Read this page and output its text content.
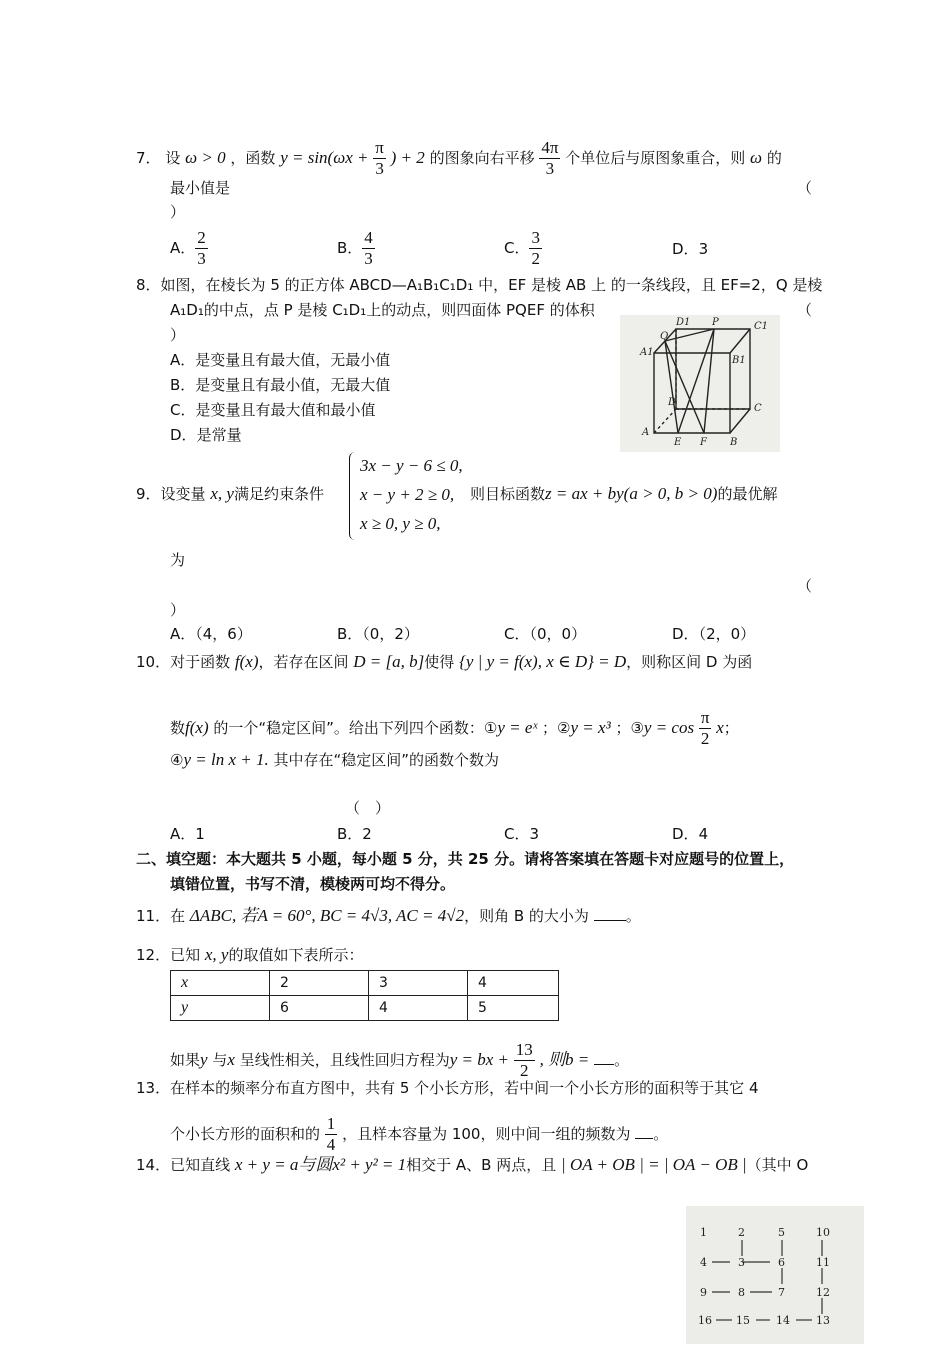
7． 设 ω > 0 ，函数 $y = \sin(\omega x + \frac{\pi}{3}$ ) + 2 的图象向右平移 $\frac{4\pi}{3}$ 个单位后与原图象重合，则 ω 的
最小值是	（
）
A． $\frac{2}{3}$	B． $\frac{4}{3}$	C． $\frac{3}{2}$	D．3
8．如图，在棱长为 5 的正方体 ABCD—A₁B₁C₁D₁ 中，EF 是棱 AB 上 的一条线段，且 EF=2，Q 是棱
A₁D₁的中点，点 P 是棱 C₁D₁上的动点，则四面体 PQEF 的体积	（
）
A．是变量且有最大值，无最小值
B．是变量且有最小值，无最大值
C．是变量且有最大值和最小值
D．是常量
D1 P	C1
Q
A1
B1
D
C
A
E F B
9．设变量 x, y满足约束条件
3x − y − 6 ≤ 0,
x − y + 2 ≥ 0,
x ≥ 0, y ≥ 0,
则目标函数z = ax + by(a > 0, b > 0)的最优解
为
（
）
A．（4，6）	B．（0，2）	C．（0，0）	D．（2，0）
10．对于函数 f(x)，若存在区间 D = [a, b]使得 {y | y = f(x), x ∈ D} = D，则称区间 D 为函
数f(x) 的一个“稳定区间”。给出下列四个函数：①y = eˣ ；②y = x³ ；③y = $\cos \frac{\pi}{2}$ x；
④y = ln x + 1. 其中存在“稳定区间”的函数个数为
（　）
A．1	B．2	C．3	D．4
二、填空题：本大题共 5 小题，每小题 5 分，共 25 分。请将答案填在答题卡对应题号的位置上，
填错位置，书写不清，模棱两可均不得分。
11．在 ΔABC, 若A = 60°, BC = 4√3, AC = 4√2，则角 B 的大小为 。
12．已知 x, y的取值如下表所示：
x	2	3	4
y	6	4	5
如果y 与x 呈线性相关，且线性回归方程为y = bx + $\frac{13}{2}$ , 则b = 。
13．在样本的频率分布直方图中，共有 5 个小长方形，若中间一个小长方形的面积等于其它 4
个小长方形的面积和的 $\frac{1}{4}$ ，且样本容量为 100，则中间一组的频数为 。
14．已知直线 x + y = a与圆x² + y² = 1相交于 A、B 两点，且 | OA + OB | = | OA − OB |（其中 O
1	2	5	10
4	3	6	11
9	8	7	12
16 15 14 13
